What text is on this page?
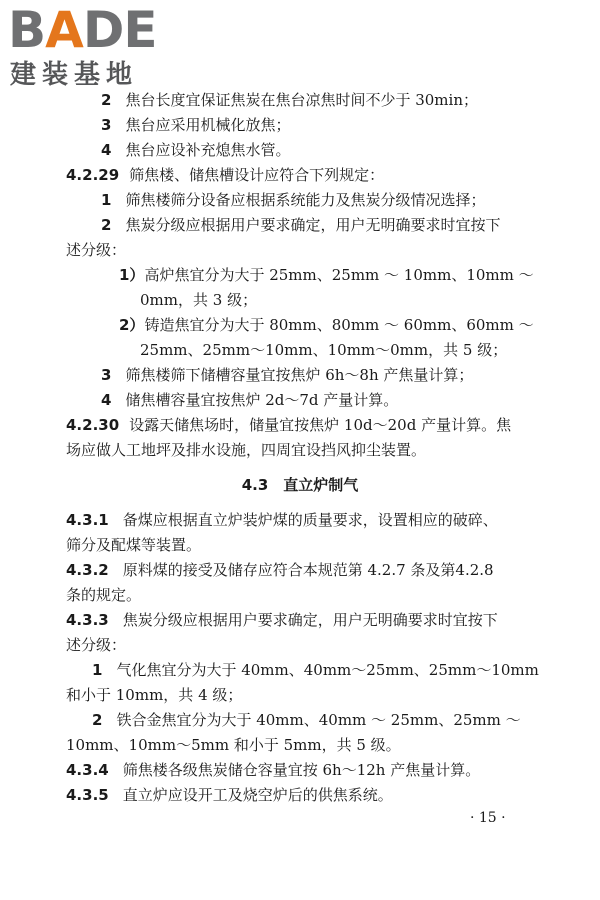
BADE
建装基地
2 焦台长度宜保证焦炭在焦台凉焦时间不少于 30min；
3 焦台应采用机械化放焦；
4 焦台应设补充熄焦水管。
4.2.29 筛焦楼、储焦槽设计应符合下列规定：
1 筛焦楼筛分设备应根据系统能力及焦炭分级情况选择；
2 焦炭分级应根据用户要求确定，用户无明确要求时宜按下
述分级：
1）高炉焦宜分为大于 25mm、25mm ～ 10mm、10mm ～
0mm，共 3 级；
2）铸造焦宜分为大于 80mm、80mm ～ 60mm、60mm ～
25mm、25mm～10mm、10mm～0mm，共 5 级；
3 筛焦楼筛下储槽容量宜按焦炉 6h～8h 产焦量计算；
4 储焦槽容量宜按焦炉 2d～7d 产量计算。
4.2.30 设露天储焦场时，储量宜按焦炉 10d～20d 产量计算。焦
场应做人工地坪及排水设施，四周宜设挡风抑尘装置。
4.3　直立炉制气
4.3.1 备煤应根据直立炉装炉煤的质量要求，设置相应的破碎、
筛分及配煤等装置。
4.3.2 原料煤的接受及储存应符合本规范第 4.2.7 条及第4.2.8
条的规定。
4.3.3 焦炭分级应根据用户要求确定，用户无明确要求时宜按下
述分级：
1 气化焦宜分为大于 40mm、40mm～25mm、25mm～10mm
和小于 10mm，共 4 级；
2 铁合金焦宜分为大于 40mm、40mm ～ 25mm、25mm ～
10mm、10mm～5mm 和小于 5mm，共 5 级。
4.3.4 筛焦楼各级焦炭储仓容量宜按 6h～12h 产焦量计算。
4.3.5 直立炉应设开工及烧空炉后的供焦系统。
· 15 ·
